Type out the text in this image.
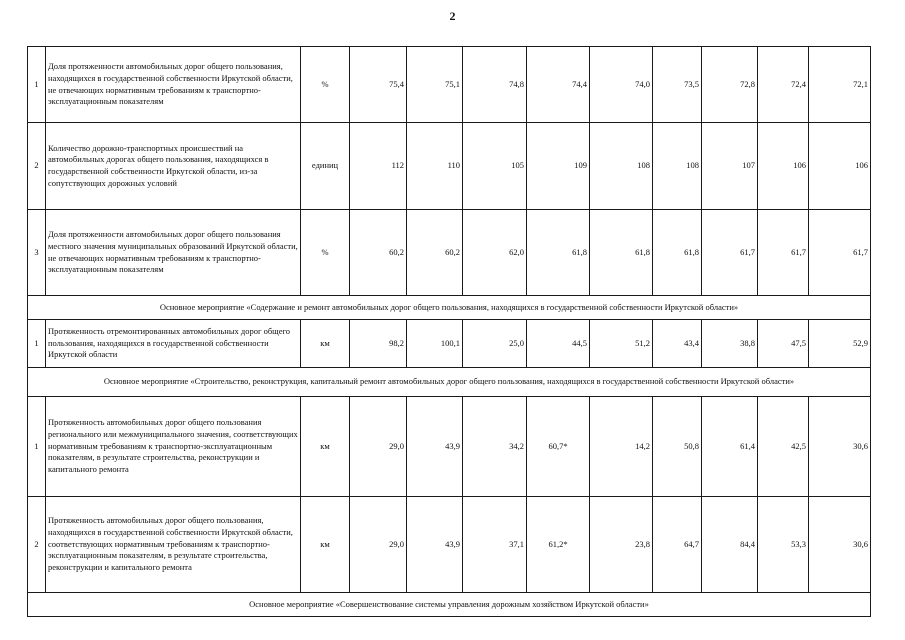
2
1	Доля протяженности автомобильных дорог общего пользования, находящихся в государственной собственности Иркутской области, не отвечающих нормативным требованиям к транспортно-эксплуатационным показателям	%	75,4	75,1	74,8	74,4	74,0	73,5	72,8	72,4	72,1
2	Количество дорожно-транспортных происшествий на автомобильных дорогах общего пользования, находящихся в государственной собственности Иркутской области, из-за сопутствующих дорожных условий	единиц	112	110	105	109	108	108	107	106	106
3	Доля протяженности автомобильных дорог общего пользования местного значения муниципальных образований Иркутской области, не отвечающих нормативным требованиям к транспортно-эксплуатационным показателям	%	60,2	60,2	62,0	61,8	61,8	61,8	61,7	61,7	61,7
Основное мероприятие «Содержание и ремонт автомобильных дорог общего пользования, находящихся в государственной собственности Иркутской области»											
1	Протяженность отремонтированных автомобильных дорог общего пользования, находящихся в государственной собственности Иркутской области	км	98,2	100,1	25,0	44,5	51,2	43,4	38,8	47,5	52,9
Основное мероприятие «Строительство, реконструкция, капитальный ремонт автомобильных дорог общего пользования, находящихся в государственной собственности Иркутской области»											
1	Протяженность автомобильных дорог общего пользования регионального или межмуниципального значения, соответствующих нормативным требованиям к транспортно-эксплуатационным показателям, в результате строительства, реконструкции и капитального ремонта	км	29,0	43,9	34,2	60,7*	14,2	50,8	61,4	42,5	30,6
2	Протяженность автомобильных дорог общего пользования, находящихся в государственной собственности Иркутской области, соответствующих нормативным требованиям к транспортно-эксплуатационным показателям, в результате строительства, реконструкции и капитального ремонта	км	29,0	43,9	37,1	61,2*	23,8	64,7	84,4	53,3	30,6
Основное мероприятие «Совершенствование системы управления дорожным хозяйством Иркутской области»											
